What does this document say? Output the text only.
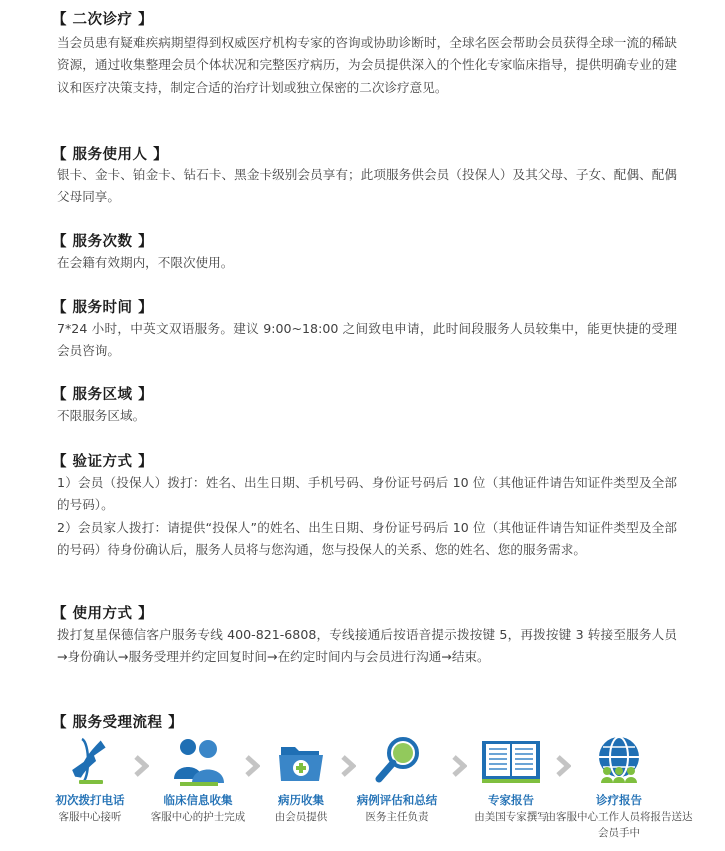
【 二次诊疗 】

当会员患有疑难疾病期望得到权威医疗机构专家的咨询或协助诊断时，全球名医会帮助会员获得全球一流的稀缺资源，通过收集整理会员个体状况和完整医疗病历，为会员提供深入的个性化专家临床指导，提供明确专业的建议和医疗决策支持，制定合适的治疗计划或独立保密的二次诊疗意见。

【 服务使用人 】

银卡、金卡、铂金卡、钻石卡、黑金卡级别会员享有；此项服务供会员（投保人）及其父母、子女、配偶、配偶父母同享。

【 服务次数 】

在会籍有效期内，不限次使用。

【 服务时间 】

7*24 小时，中英文双语服务。建议 9:00~18:00 之间致电申请，此时间段服务人员较集中，能更快捷的受理会员咨询。

【 服务区域 】

不限服务区域。

【 验证方式 】

1）会员（投保人）拨打：姓名、出生日期、手机号码、身份证号码后 10 位（其他证件请告知证件类型及全部的号码）。

2）会员家人拨打：请提供“投保人”的姓名、出生日期、身份证号码后 10 位（其他证件请告知证件类型及全部的号码）待身份确认后，服务人员将与您沟通，您与投保人的关系、您的姓名、您的服务需求。

【 使用方式 】

拨打复星保德信客户服务专线 400-821-6808，专线接通后按语音提示拨按键 5，再拨按键 3 转接至服务人员→身份确认→服务受理并约定回复时间→在约定时间内与会员进行沟通→结束。

【 服务受理流程 】
初次拨打电话
客服中心接听
临床信息收集
客服中心的护士完成
病历收集
由会员提供
病例评估和总结
医务主任负责
专家报告
由美国专家撰写
诊疗报告
由客服中心工作人员将报告送达会员手中
